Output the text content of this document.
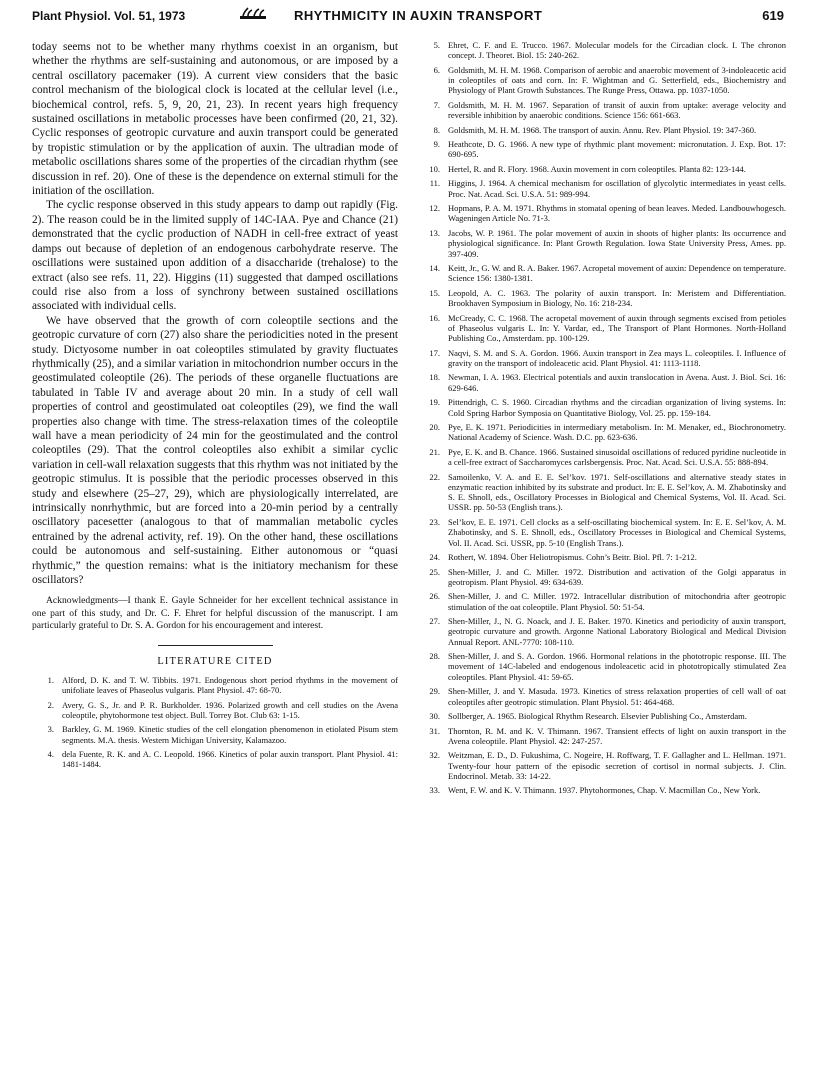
Plant Physiol. Vol. 51, 1973	RHYTHMICITY IN AUXIN TRANSPORT	619

today seems not to be whether many rhythms coexist in an organism, but whether the rhythms are self-sustaining and autonomous, or are imposed by a central oscillatory pacemaker (19). A current view considers that the basic control mechanism of the biological clock is located at the cellular level (i.e., biochemical control, refs. 5, 9, 20, 21, 23). In recent years high frequency sustained oscillations in metabolic processes have been confirmed (20, 21, 32). Cyclic responses of geotropic curvature and auxin transport could be generated by tropistic stimulation or by the application of auxin. The ultradian mode of metabolic oscillations shares some of the properties of the circadian rhythm (see discussion in ref. 20). One of these is the dependence on external stimuli for the initiation of the oscillation.

The cyclic response observed in this study appears to damp out rapidly (Fig. 2). The reason could be in the limited supply of 14C-IAA. Pye and Chance (21) demonstrated that the cyclic production of NADH in cell-free extract of yeast damps out because of depletion of an endogenous carbohydrate reserve. The oscillations were sustained upon addition of a disaccharide (trehalose) to the extract (also see refs. 11, 22). Higgins (11) suggested that damped oscillations could rise also from a loss of synchrony between sustained oscillations associated with individual cells.

We have observed that the growth of corn coleoptile sections and the geotropic curvature of corn (27) also share the periodicities noted in the present study. Dictyosome number in oat coleoptiles stimulated by gravity fluctuates rhythmically (25), and a similar variation in mitochondrion number occurs in the geostimulated coleoptile (26). The periods of these organelle fluctuations are tabulated in Table IV and average about 20 min. In a study of cell wall properties of control and geostimulated oat coleoptiles (29), we find the wall properties also change with time. The stress-relaxation times of the coleoptile wall have a mean periodicity of 24 min for the geostimulated and the control coleoptiles (29). That the control coleoptiles also exhibit a similar cyclic variation in cell-wall relaxation suggests that this rhythm was not initiated by the geotropic stimulus. It is possible that the periodic processes observed in this study and elsewhere (25–27, 29), which are physiologically interrelated, are intrinsically nonrhythmic, but are forced into a 20-min period by a centrally oscillatory pacesetter (analogous to that of mammalian metabolic cycles entrained by the adrenal activity, ref. 19). On the other hand, these oscillations could be autonomous and self-sustaining. Either autonomous or “quasi rhythmic,” the question remains: what is the initiatory mechanism for these oscillators?

Acknowledgments—I thank E. Gayle Schneider for her excellent technical assistance in one part of this study, and Dr. C. F. Ehret for helpful discussion of the manuscript. I am particularly grateful to Dr. S. A. Gordon for his encouragement and interest.

LITERATURE CITED
1. Alford, D. K. and T. W. Tibbits. 1971. Endogenous short period rhythms in the movement of unifoliate leaves of Phaseolus vulgaris. Plant Physiol. 47: 68-70.
2. Avery, G. S., Jr. and P. R. Burkholder. 1936. Polarized growth and cell studies on the Avena coleoptile, phytohormone test object. Bull. Torrey Bot. Club 63: 1-15.
3. Barkley, G. M. 1969. Kinetic studies of the cell elongation phenomenon in etiolated Pisum stem segments. M.A. thesis. Western Michigan University, Kalamazoo.
4. dela Fuente, R. K. and A. C. Leopold. 1966. Kinetics of polar auxin transport. Plant Physiol. 41: 1481-1484.
5. Ehret, C. F. and E. Trucco. 1967. Molecular models for the Circadian clock. I. The chronon concept. J. Theoret. Biol. 15: 240-262.
6. Goldsmith, M. H. M. 1968. Comparison of aerobic and anaerobic movement of 3-indoleacetic acid in coleoptiles of oats and corn. In: F. Wightman and G. Setterfield, eds., Biochemistry and Physiology of Plant Growth Substances. The Runge Press, Ottawa. pp. 1037-1050.
7. Goldsmith, M. H. M. 1967. Separation of transit of auxin from uptake: average velocity and reversible inhibition by anaerobic conditions. Science 156: 661-663.
8. Goldsmith, M. H. M. 1968. The transport of auxin. Annu. Rev. Plant Physiol. 19: 347-360.
9. Heathcote, D. G. 1966. A new type of rhythmic plant movement: micronutation. J. Exp. Bot. 17: 690-695.
10. Hertel, R. and R. Flory. 1968. Auxin movement in corn coleoptiles. Planta 82: 123-144.
11. Higgins, J. 1964. A chemical mechanism for oscillation of glycolytic intermediates in yeast cells. Proc. Nat. Acad. Sci. U.S.A. 51: 989-994.
12. Hopmans, P. A. M. 1971. Rhythms in stomatal opening of bean leaves. Meded. Landbouwhogesch. Wageningen Article No. 71-3.
13. Jacobs, W. P. 1961. The polar movement of auxin in shoots of higher plants: Its occurrence and physiological significance. In: Plant Growth Regulation. Iowa State University Press, Ames. pp. 397-409.
14. Keitt, Jr., G. W. and R. A. Baker. 1967. Acropetal movement of auxin: Dependence on temperature. Science 156: 1380-1381.
15. Leopold, A. C. 1963. The polarity of auxin transport. In: Meristem and Differentiation. Brookhaven Symposium in Biology, No. 16: 218-234.
16. McCready, C. C. 1968. The acropetal movement of auxin through segments excised from petioles of Phaseolus vulgaris L. In: Y. Vardar, ed., The Transport of Plant Hormones. North-Holland Publishing Co., Amsterdam. pp. 100-129.
17. Naqvi, S. M. and S. A. Gordon. 1966. Auxin transport in Zea mays L. coleoptiles. I. Influence of gravity on the transport of indoleacetic acid. Plant Physiol. 41: 1113-1118.
18. Newman, I. A. 1963. Electrical potentials and auxin translocation in Avena. Aust. J. Biol. Sci. 16: 629-646.
19. Pittendrigh, C. S. 1960. Circadian rhythms and the circadian organization of living systems. In: Cold Spring Harbor Symposia on Quantitative Biology, Vol. 25. pp. 159-184.
20. Pye, E. K. 1971. Periodicities in intermediary metabolism. In: M. Menaker, ed., Biochronometry. National Academy of Science. Wash. D.C. pp. 623-636.
21. Pye, E. K. and B. Chance. 1966. Sustained sinusoidal oscillations of reduced pyridine nucleotide in a cell-free extract of Saccharomyces carlsbergensis. Proc. Nat. Acad. Sci. U.S.A. 55: 888-894.
22. Samoilenko, V. A. and E. E. Sel’kov. 1971. Self-oscillations and alternative steady states in enzymatic reaction inhibited by its substrate and product. In: E. E. Sel’kov, A. M. Zhabotinsky and S. E. Shnoll, eds., Oscillatory Processes in Biological and Chemical Systems, Vol. II. Acad. Sci. USSR. pp. 50-53 (English trans.).
23. Sel’kov, E. E. 1971. Cell clocks as a self-oscillating biochemical system. In: E. E. Sel’kov, A. M. Zhabotinsky, and S. E. Shnoll, eds., Oscillatory Processes in Biological and Chemical Systems, Vol. II. Acad. Sci. USSR, pp. 5-10 (English Trans.).
24. Rothert, W. 1894. Über Heliotropismus. Cohn’s Beitr. Biol. Pfl. 7: 1-212.
25. Shen-Miller, J. and C. Miller. 1972. Distribution and activation of the Golgi apparatus in geotropism. Plant Physiol. 49: 634-639.
26. Shen-Miller, J. and C. Miller. 1972. Intracellular distribution of mitochondria after geotropic stimulation of the oat coleoptile. Plant Physiol. 50: 51-54.
27. Shen-Miller, J., N. G. Noack, and J. E. Baker. 1970. Kinetics and periodicity of auxin transport, geotropic curvature and growth. Argonne National Laboratory Biological and Medical Division Annual Report. ANL-7770: 108-110.
28. Shen-Miller, J. and S. A. Gordon. 1966. Hormonal relations in the phototropic response. III. The movement of 14C-labeled and endogenous indoleacetic acid in phototropically stimulated Zea coleoptiles. Plant Physiol. 41: 59-65.
29. Shen-Miller, J. and Y. Masuda. 1973. Kinetics of stress relaxation properties of cell wall of oat coleoptiles after geotropic stimulation. Plant Physiol. 51: 464-468.
30. Sollberger, A. 1965. Biological Rhythm Research. Elsevier Publishing Co., Amsterdam.
31. Thornton, R. M. and K. V. Thimann. 1967. Transient effects of light on auxin transport in the Avena coleoptile. Plant Physiol. 42: 247-257.
32. Weitzman, E. D., D. Fukushima, C. Nogeire, H. Roffwarg, T. F. Gallagher and L. Hellman. 1971. Twenty-four hour pattern of the episodic secretion of cortisol in normal subjects. J. Clin. Endocrinol. Metab. 33: 14-22.
33. Went, F. W. and K. V. Thimann. 1937. Phytohormones, Chap. V. Macmillan Co., New York.
